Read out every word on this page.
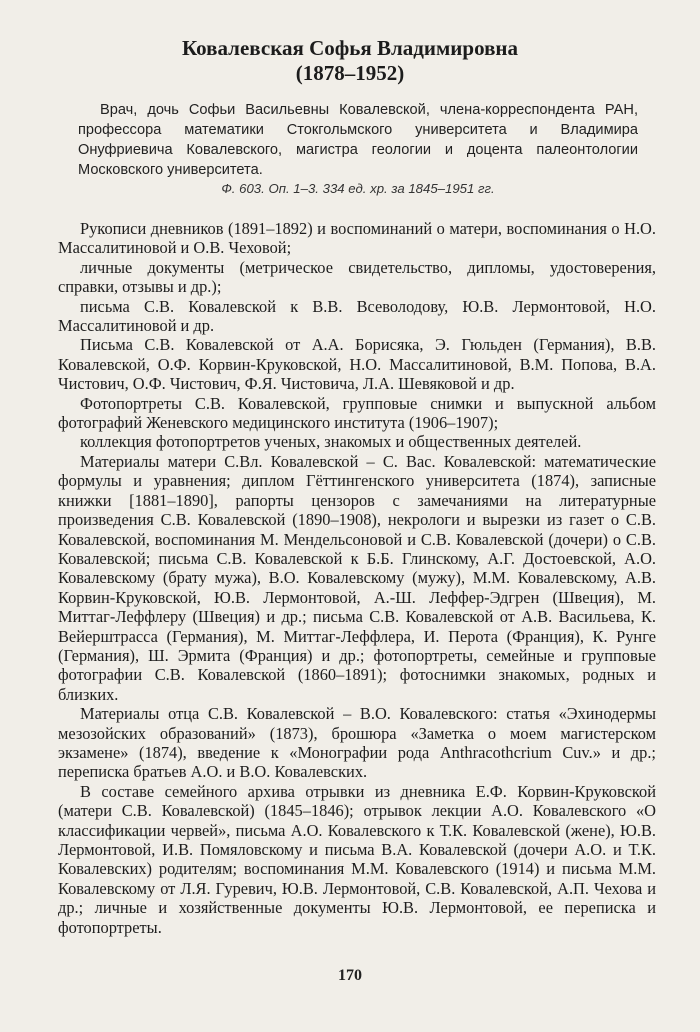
Ковалевская Софья Владимировна
(1878–1952)

Врач, дочь Софьи Васильевны Ковалевской, члена-корреспондента РАН, профессора математики Стокгольмского университета и Владимира Онуфриевича Ковалевского, магистра геологии и доцента палеонтологии Московского университета.

Ф. 603. Оп. 1–3. 334 ед. хр. за 1845–1951 гг.

Рукописи дневников (1891–1892) и воспоминаний о матери, воспоминания о Н.О. Массалитиновой и О.В. Чеховой;

личные документы (метрическое свидетельство, дипломы, удостоверения, справки, отзывы и др.);

письма С.В. Ковалевской к В.В. Всеволодову, Ю.В. Лермонтовой, Н.О. Массалитиновой и др.

Письма С.В. Ковалевской от А.А. Борисяка, Э. Гюльден (Германия), В.В. Ковалевской, О.Ф. Корвин-Круковской, Н.О. Массалитиновой, В.М. Попова, В.А. Чистович, О.Ф. Чистович, Ф.Я. Чистовича, Л.А. Шевяковой и др.

Фотопортреты С.В. Ковалевской, групповые снимки и выпускной альбом фотографий Женевского медицинского института (1906–1907);

коллекция фотопортретов ученых, знакомых и общественных деятелей.

Материалы матери С.Вл. Ковалевской – С. Вас. Ковалевской: математические формулы и уравнения; диплом Гёттингенского университета (1874), записные книжки [1881–1890], рапорты цензоров с замечаниями на литературные произведения С.В. Ковалевской (1890–1908), некрологи и вырезки из газет о С.В. Ковалевской, воспоминания М. Мендельсоновой и С.В. Ковалевской (дочери) о С.В. Ковалевской; письма С.В. Ковалевской к Б.Б. Глинскому, А.Г. Достоевской, А.О. Ковалевскому (брату мужа), В.О. Ковалевскому (мужу), М.М. Ковалевскому, А.В. Корвин-Круковской, Ю.В. Лермонтовой, А.-Ш. Леффер-Эдгрен (Швеция), М. Миттаг-Леффлеру (Швеция) и др.; письма С.В. Ковалевской от А.В. Васильева, К. Вейерштрасса (Германия), М. Миттаг-Леффлера, И. Перота (Франция), К. Рунге (Германия), Ш. Эрмита (Франция) и др.; фотопортреты, семейные и групповые фотографии С.В. Ковалевской (1860–1891); фотоснимки знакомых, родных и близких.

Материалы отца С.В. Ковалевской – В.О. Ковалевского: статья «Эхинодермы мезозойских образований» (1873), брошюра «Заметка о моем магистерском экзамене» (1874), введение к «Монографии рода Anthracothcrium Cuv.» и др.; переписка братьев А.О. и В.О. Ковалевских.

В составе семейного архива отрывки из дневника Е.Ф. Корвин-Круковской (матери С.В. Ковалевской) (1845–1846); отрывок лекции А.О. Ковалевского «О классификации червей», письма А.О. Ковалевского к Т.К. Ковалевской (жене), Ю.В. Лермонтовой, И.В. Помяловскому и письма В.А. Ковалевской (дочери А.О. и Т.К. Ковалевских) родителям; воспоминания М.М. Ковалевского (1914) и письма М.М. Ковалевскому от Л.Я. Гуревич, Ю.В. Лермонтовой, С.В. Ковалевской, А.П. Чехова и др.; личные и хозяйственные документы Ю.В. Лермонтовой, ее переписка и фотопортреты.

170
